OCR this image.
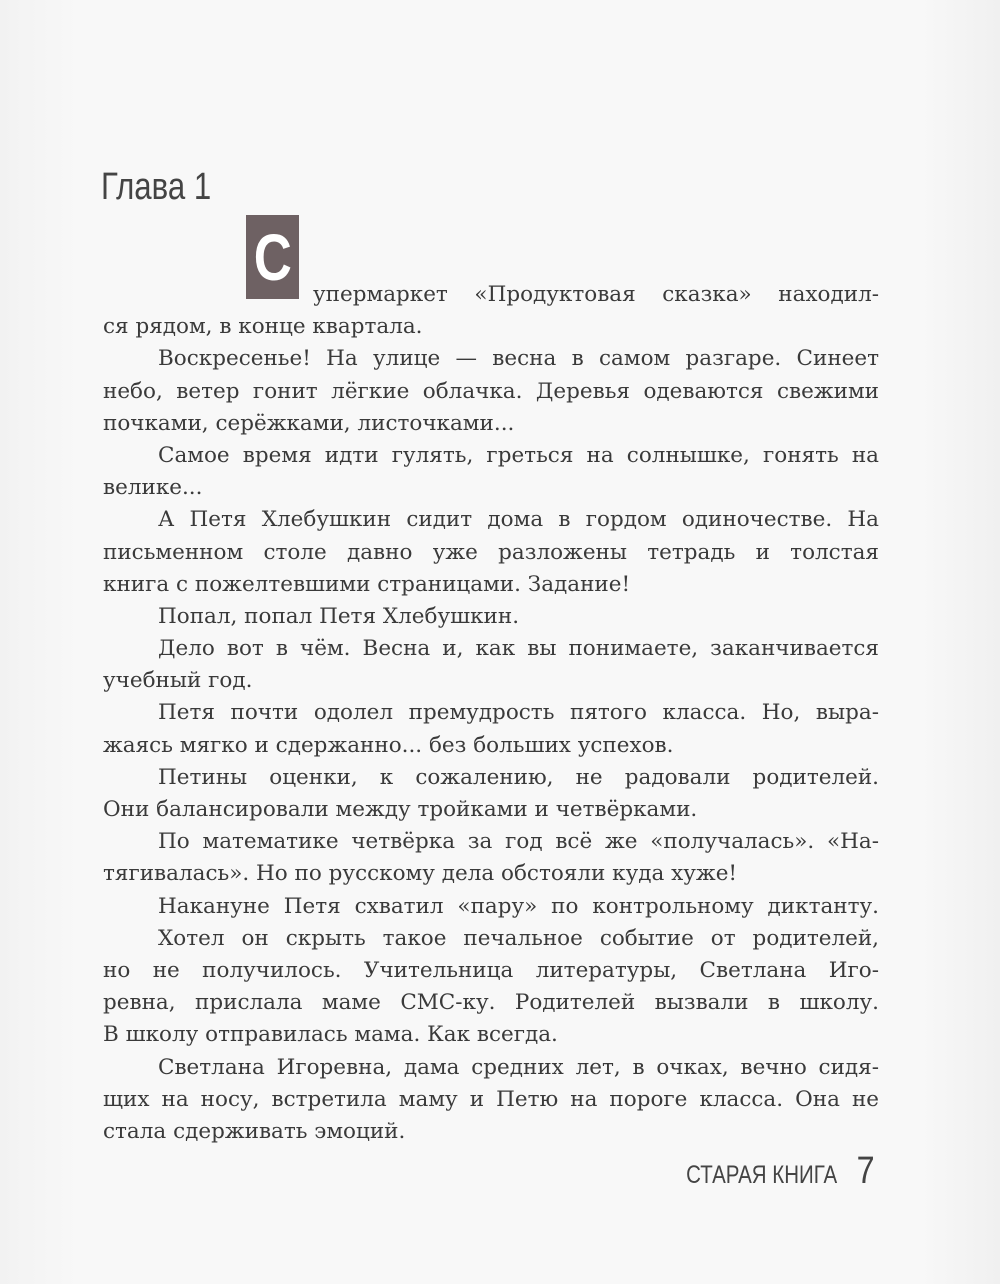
Глава 1
С
упермаркет «Продуктовая сказка» находил-
ся рядом, в конце квартала.
Воскресенье! На улице — весна в самом разгаре. Синеет
небо, ветер гонит лёгкие облачка. Деревья одеваются свежими
почками, серёжками, листочками...
Самое время идти гулять, греться на солнышке, гонять на
велике...
А Петя Хлебушкин сидит дома в гордом одиночестве. На
письменном столе давно уже разложены тетрадь и толстая
книга с пожелтевшими страницами. Задание!
Попал, попал Петя Хлебушкин.
Дело вот в чём. Весна и, как вы понимаете, заканчивается
учебный год.
Петя почти одолел премудрость пятого класса. Но, выра-
жаясь мягко и сдержанно... без больших успехов.
Петины оценки, к сожалению, не радовали родителей.
Они балансировали между тройками и четвёрками.
По математике четвёрка за год всё же «получалась». «На-
тягивалась». Но по русскому дела обстояли куда хуже!
Накануне Петя схватил «пару» по контрольному диктанту.
Хотел он скрыть такое печальное событие от родителей,
но не получилось. Учительница литературы, Светлана Иго-
ревна, прислала маме СМС-ку. Родителей вызвали в школу.
В школу отправилась мама. Как всегда.
Светлана Игоревна, дама средних лет, в очках, вечно сидя-
щих на носу, встретила маму и Петю на пороге класса. Она не
стала сдерживать эмоций.
СТАРАЯ КНИГА 7
